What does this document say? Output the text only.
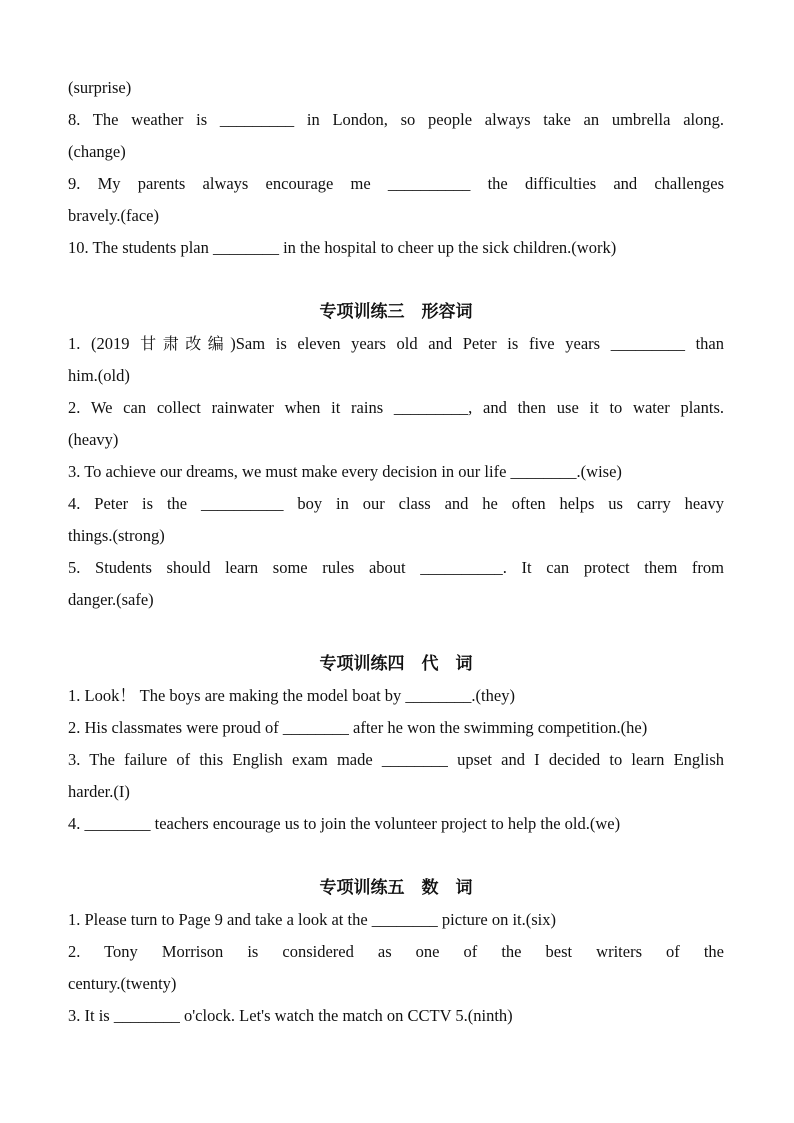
(surprise)
8. The weather is _________ in London, so people always take an umbrella along.
(change)
9. My parents always encourage me __________ the difficulties and challenges
bravely.(face)
10. The students plan ________ in the hospital to cheer up the sick children.(work)
专项训练三　形容词
1. (2019 甘肃改编)Sam is eleven years old and Peter is five years _________ than
him.(old)
2. We can collect rainwater when it rains _________, and then use it to water plants.
(heavy)
3. To achieve our dreams, we must make every decision in our life ________.(wise)
4. Peter is the __________ boy in our class and he often helps us carry heavy
things.(strong)
5. Students should learn some rules about __________. It can protect them from
danger.(safe)
专项训练四　代　词
1. Look！ The boys are making the model boat by ________.(they)
2. His classmates were proud of ________ after he won the swimming competition.(he)
3. The failure of this English exam made ________ upset and I decided to learn English
harder.(I)
4. ________ teachers encourage us to join the volunteer project to help the old.(we)
专项训练五　数　词
1. Please turn to Page 9 and take a look at the ________ picture on it.(six)
2. Tony Morrison is considered as one of the best writers of the
century.(twenty)
3. It is ________ o'clock. Let's watch the match on CCTV 5.(ninth)
